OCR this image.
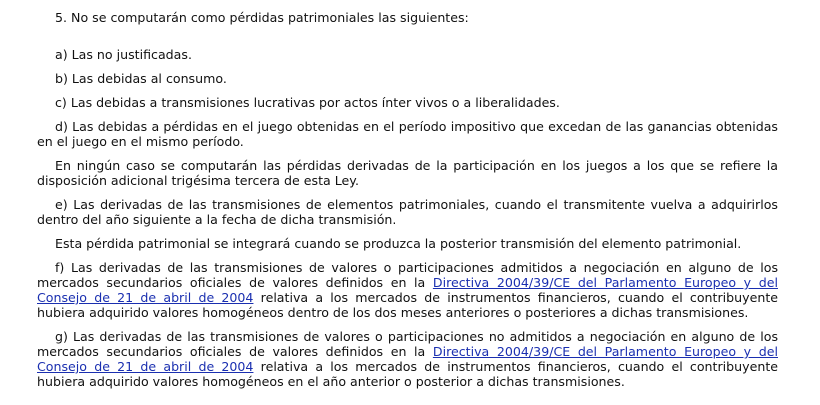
5. No se computarán como pérdidas patrimoniales las siguientes:

a) Las no justificadas.

b) Las debidas al consumo.

c) Las debidas a transmisiones lucrativas por actos ínter vivos o a liberalidades.

d) Las debidas a pérdidas en el juego obtenidas en el período impositivo que excedan de las ganancias obtenidas en el juego en el mismo período.

En ningún caso se computarán las pérdidas derivadas de la participación en los juegos a los que se refiere la disposición adicional trigésima tercera de esta Ley.

e) Las derivadas de las transmisiones de elementos patrimoniales, cuando el transmitente vuelva a adquirirlos dentro del año siguiente a la fecha de dicha transmisión.

Esta pérdida patrimonial se integrará cuando se produzca la posterior transmisión del elemento patrimonial.

f) Las derivadas de las transmisiones de valores o participaciones admitidos a negociación en alguno de los mercados secundarios oficiales de valores definidos en la Directiva 2004/39/CE del Parlamento Europeo y del Consejo de 21 de abril de 2004 relativa a los mercados de instrumentos financieros, cuando el contribuyente hubiera adquirido valores homogéneos dentro de los dos meses anteriores o posteriores a dichas transmisiones.

g) Las derivadas de las transmisiones de valores o participaciones no admitidos a negociación en alguno de los mercados secundarios oficiales de valores definidos en la Directiva 2004/39/CE del Parlamento Europeo y del Consejo de 21 de abril de 2004 relativa a los mercados de instrumentos financieros, cuando el contribuyente hubiera adquirido valores homogéneos en el año anterior o posterior a dichas transmisiones.
